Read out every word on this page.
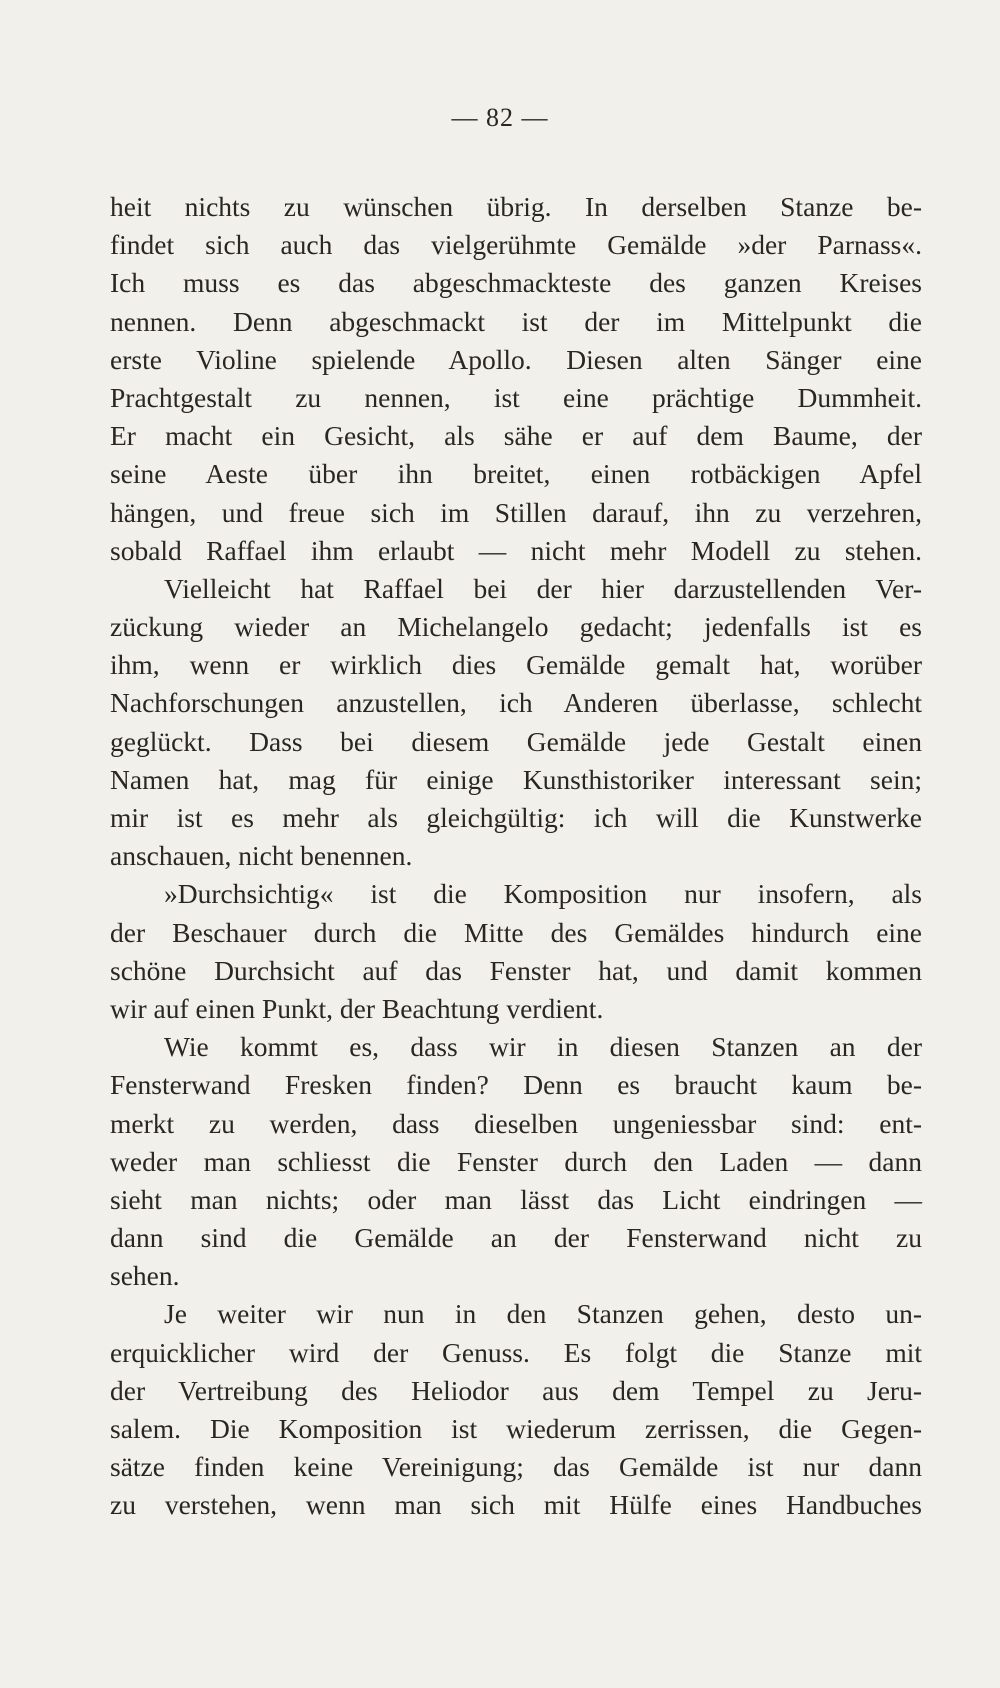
— 82 —
heit nichts zu wünschen übrig. In derselben Stanze be-
findet sich auch das vielgerühmte Gemälde »der Parnass«.
Ich muss es das abgeschmackteste des ganzen Kreises
nennen. Denn abgeschmackt ist der im Mittelpunkt die
erste Violine spielende Apollo. Diesen alten Sänger eine
Prachtgestalt zu nennen, ist eine prächtige Dummheit.
Er macht ein Gesicht, als sähe er auf dem Baume, der
seine Aeste über ihn breitet, einen rotbäckigen Apfel
hängen, und freue sich im Stillen darauf, ihn zu verzehren,
sobald Raffael ihm erlaubt — nicht mehr Modell zu stehen.
Vielleicht hat Raffael bei der hier darzustellenden Ver-
zückung wieder an Michelangelo gedacht; jedenfalls ist es
ihm, wenn er wirklich dies Gemälde gemalt hat, worüber
Nachforschungen anzustellen, ich Anderen überlasse, schlecht
geglückt. Dass bei diesem Gemälde jede Gestalt einen
Namen hat, mag für einige Kunsthistoriker interessant sein;
mir ist es mehr als gleichgültig: ich will die Kunstwerke
anschauen, nicht benennen.
»Durchsichtig« ist die Komposition nur insofern, als
der Beschauer durch die Mitte des Gemäldes hindurch eine
schöne Durchsicht auf das Fenster hat, und damit kommen
wir auf einen Punkt, der Beachtung verdient.
Wie kommt es, dass wir in diesen Stanzen an der
Fensterwand Fresken finden? Denn es braucht kaum be-
merkt zu werden, dass dieselben ungeniessbar sind: ent-
weder man schliesst die Fenster durch den Laden — dann
sieht man nichts; oder man lässt das Licht eindringen —
dann sind die Gemälde an der Fensterwand nicht zu
sehen.
Je weiter wir nun in den Stanzen gehen, desto un-
erquicklicher wird der Genuss. Es folgt die Stanze mit
der Vertreibung des Heliodor aus dem Tempel zu Jeru-
salem. Die Komposition ist wiederum zerrissen, die Gegen-
sätze finden keine Vereinigung; das Gemälde ist nur dann
zu verstehen, wenn man sich mit Hülfe eines Handbuches
